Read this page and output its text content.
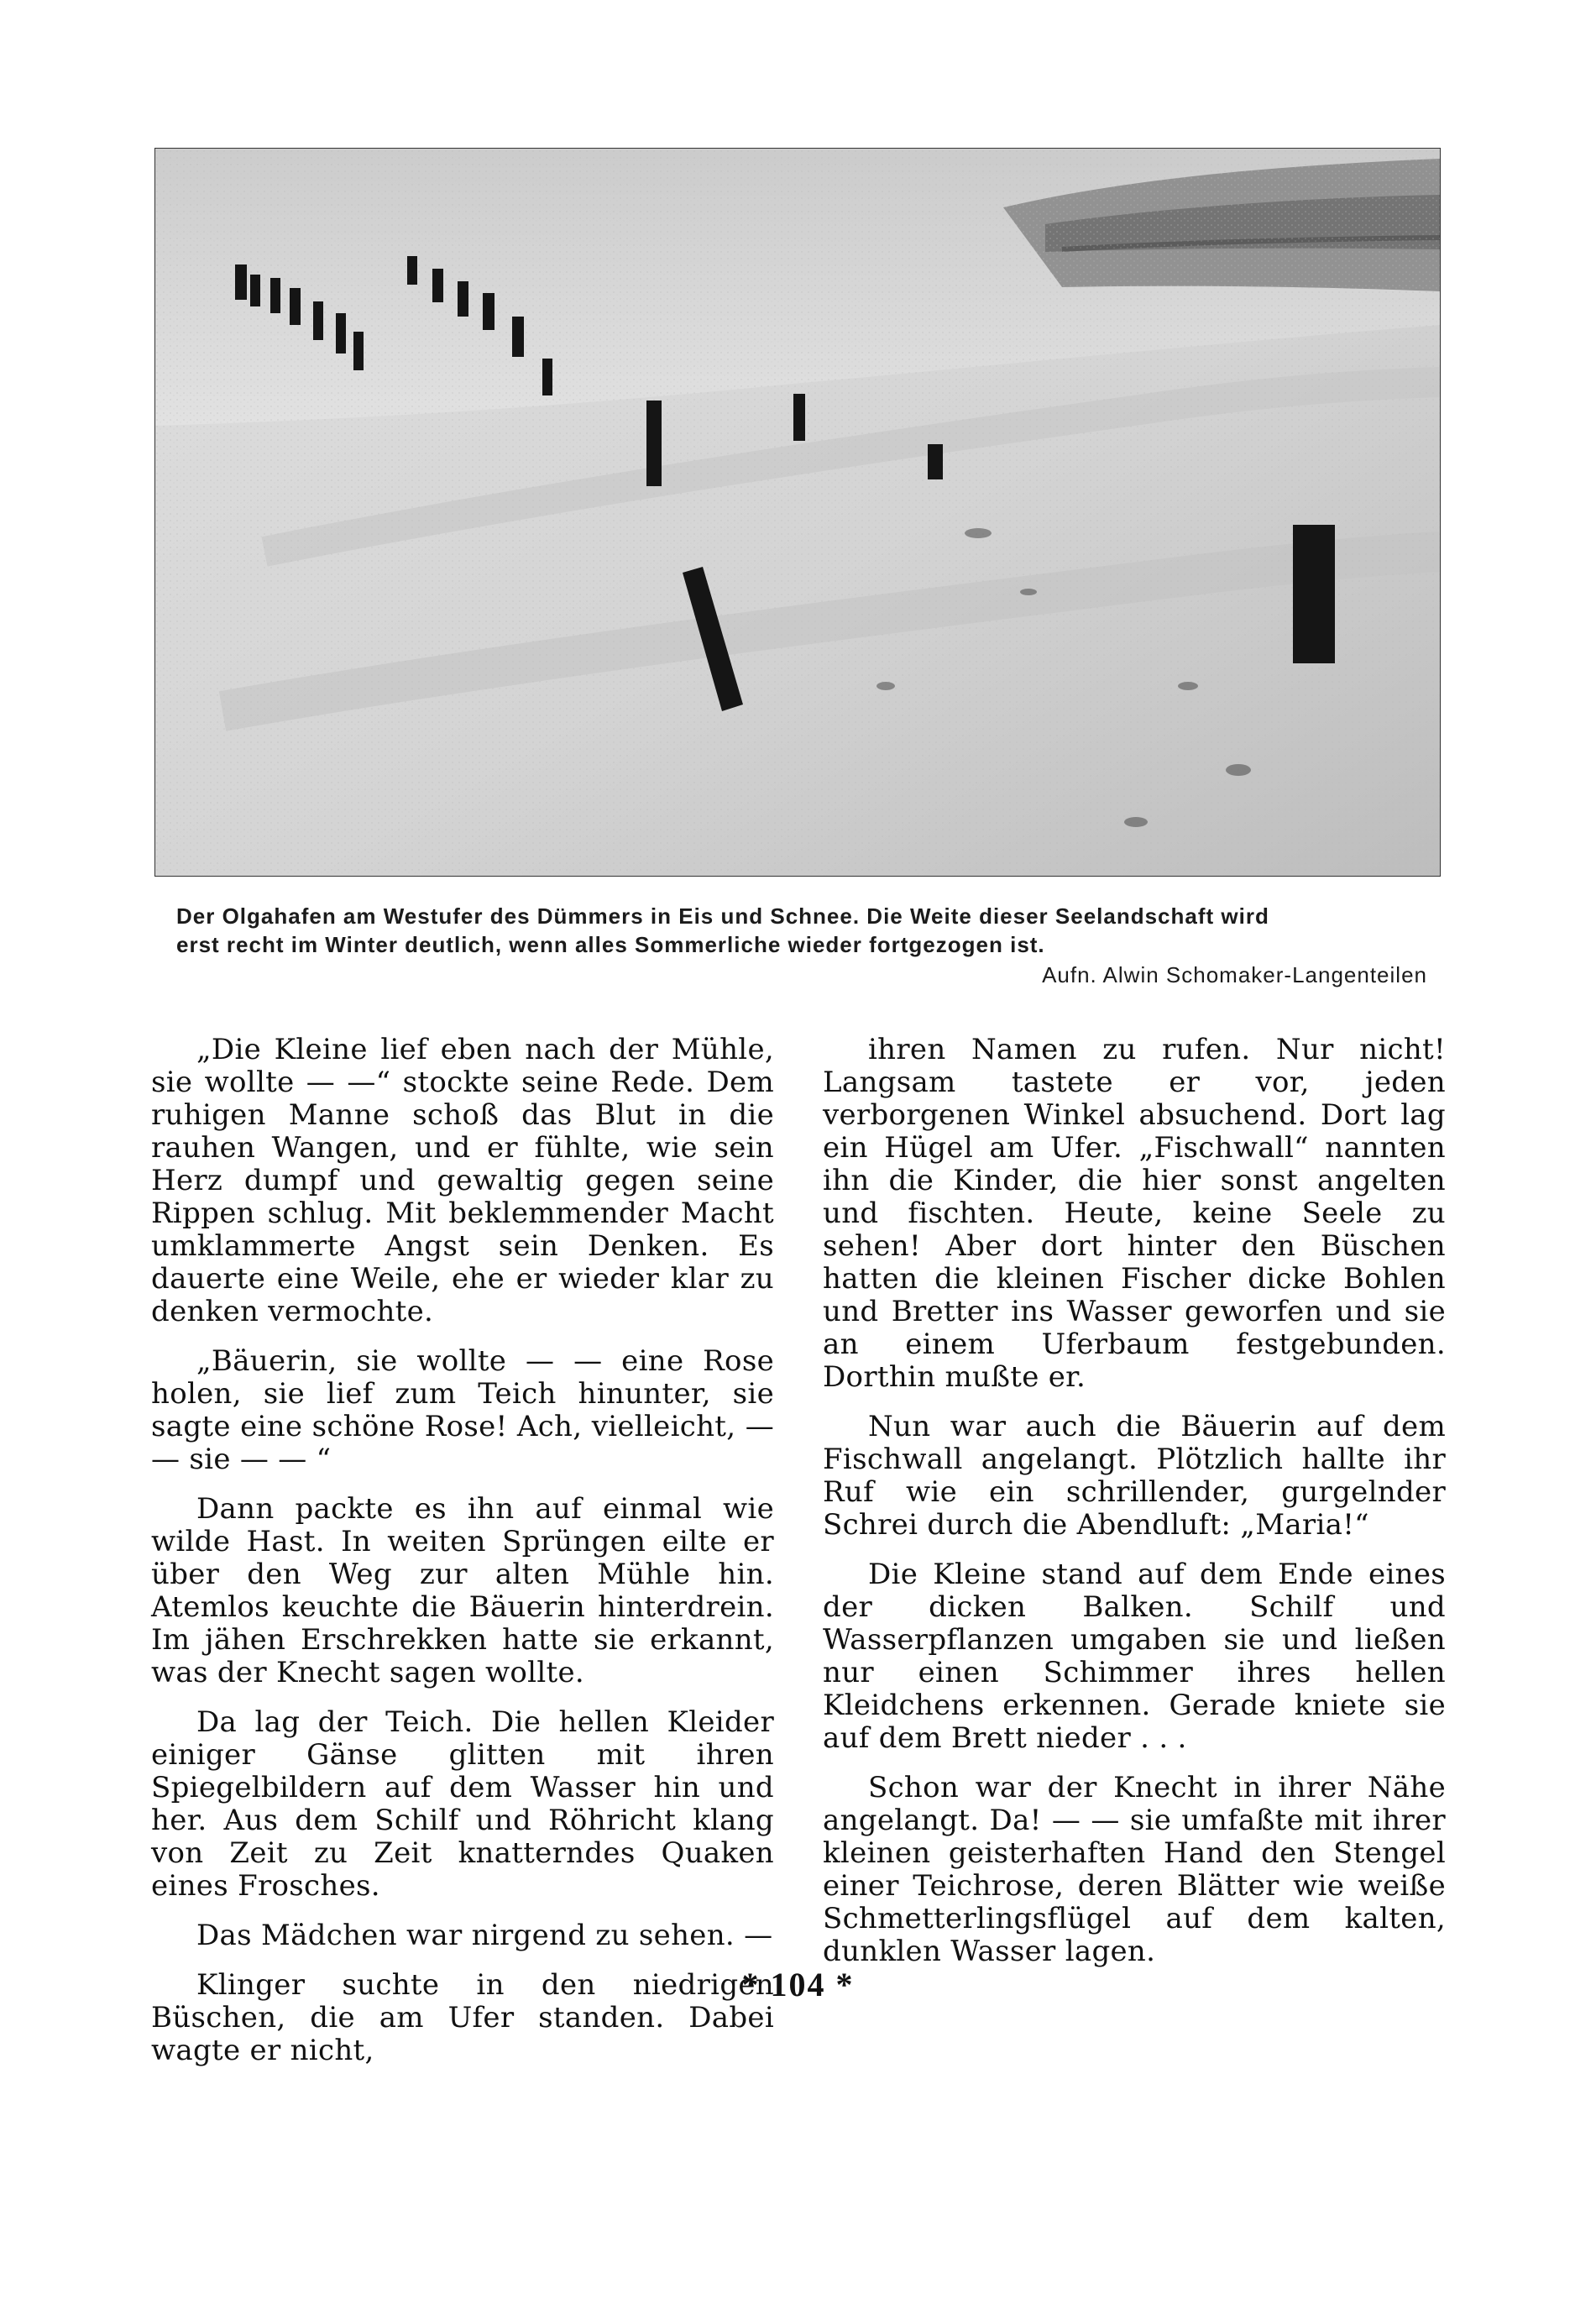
Der Olgahafen am Westufer des Dümmers in Eis und Schnee. Die Weite dieser Seelandschaft wird
erst recht im Winter deutlich, wenn alles Sommerliche wieder fortgezogen ist.
Aufn. Alwin Schomaker-Langenteilen

„Die Kleine lief eben nach der Mühle, sie wollte — —“ stockte seine Rede. Dem ruhigen Manne schoß das Blut in die rauhen Wangen, und er fühlte, wie sein Herz dumpf und gewaltig gegen seine Rippen schlug. Mit beklemmender Macht umklammerte Angst sein Denken. Es dauerte eine Weile, ehe er wieder klar zu denken vermochte.

„Bäuerin, sie wollte — — eine Rose holen, sie lief zum Teich hinunter, sie sagte eine schöne Rose! Ach, vielleicht, — — sie — — “

Dann packte es ihn auf einmal wie wilde Hast. In weiten Sprüngen eilte er über den Weg zur alten Mühle hin. Atemlos keuchte die Bäuerin hinterdrein. Im jähen Erschrekken hatte sie erkannt, was der Knecht sagen wollte.

Da lag der Teich. Die hellen Kleider einiger Gänse glitten mit ihren Spiegelbildern auf dem Wasser hin und her. Aus dem Schilf und Röhricht klang von Zeit zu Zeit knatterndes Quaken eines Frosches.

Das Mädchen war nirgend zu sehen. —

Klinger suchte in den niedrigen Büschen, die am Ufer standen. Dabei wagte er nicht,

ihren Namen zu rufen. Nur nicht! Langsam tastete er vor, jeden verborgenen Winkel absuchend. Dort lag ein Hügel am Ufer. „Fischwall“ nannten ihn die Kinder, die hier sonst angelten und fischten. Heute, keine Seele zu sehen! Aber dort hinter den Büschen hatten die kleinen Fischer dicke Bohlen und Bretter ins Wasser geworfen und sie an einem Uferbaum festgebunden. Dorthin mußte er.

Nun war auch die Bäuerin auf dem Fischwall angelangt. Plötzlich hallte ihr Ruf wie ein schrillender, gurgelnder Schrei durch die Abendluft: „Maria!“

Die Kleine stand auf dem Ende eines der dicken Balken. Schilf und Wasserpflanzen umgaben sie und ließen nur einen Schimmer ihres hellen Kleidchens erkennen. Gerade kniete sie auf dem Brett nieder . . .

Schon war der Knecht in ihrer Nähe angelangt. Da! — — sie umfaßte mit ihrer kleinen geisterhaften Hand den Stengel einer Teichrose, deren Blätter wie weiße Schmetterlingsflügel auf dem kalten, dunklen Wasser lagen.

* 104 *
